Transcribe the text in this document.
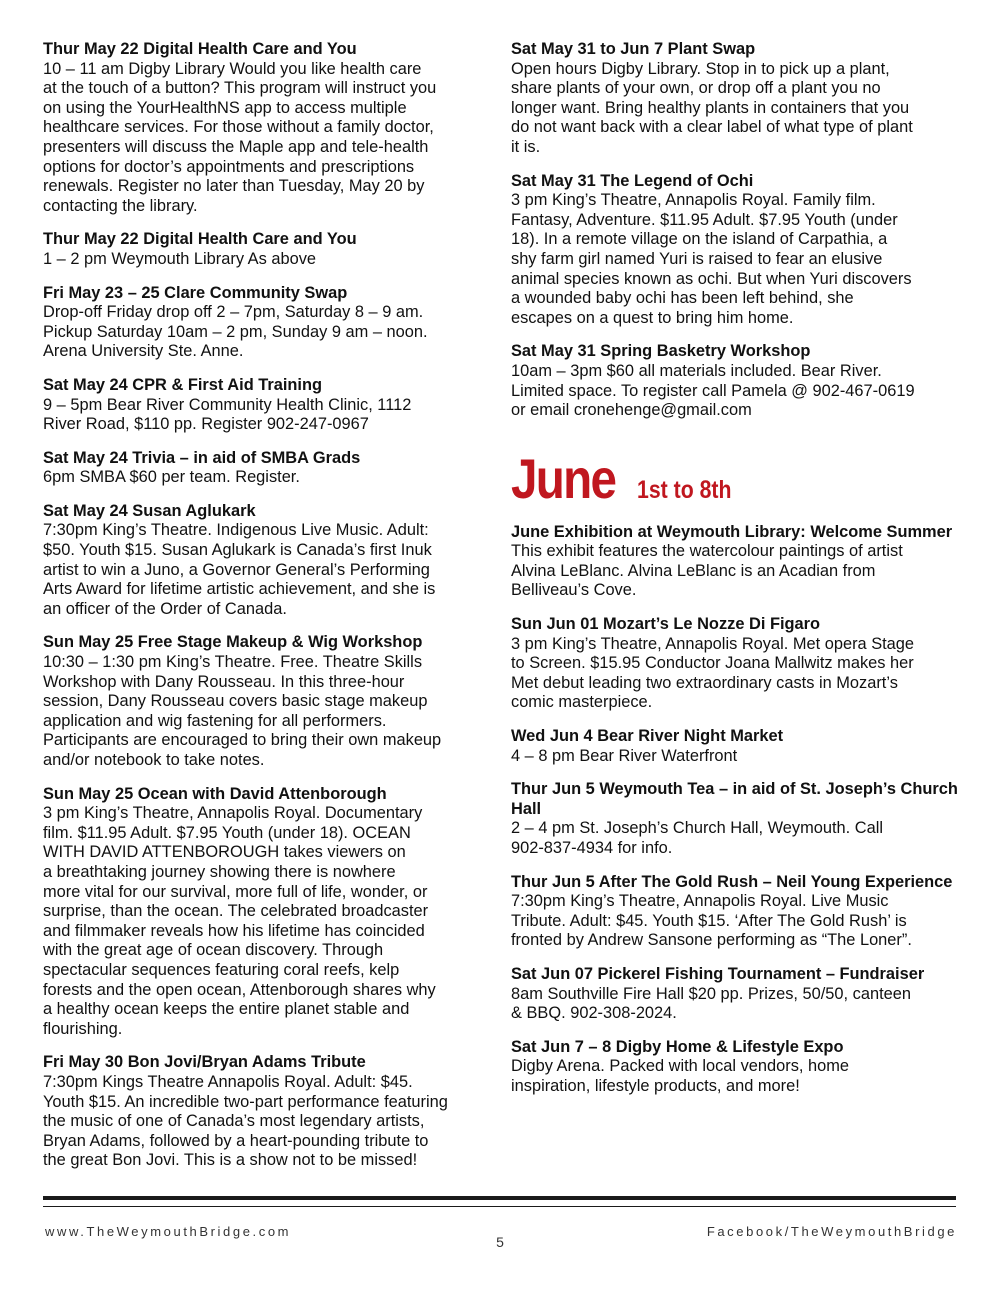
Thur May 22 Digital Health Care and You

10 – 11 am Digby Library Would you like health care
at the touch of a button? This program will instruct you
on using the YourHealthNS app to access multiple
healthcare services. For those without a family doctor,
presenters will discuss the Maple app and tele-health
options for doctor’s appointments and prescriptions
renewals. Register no later than Tuesday, May 20 by
contacting the library.

Thur May 22 Digital Health Care and You

1 – 2 pm Weymouth Library As above

Fri May 23 – 25 Clare Community Swap

Drop-off Friday drop off 2 – 7pm, Saturday 8 – 9 am.
Pickup Saturday 10am – 2 pm, Sunday 9 am – noon.
Arena University Ste. Anne.

Sat May 24 CPR & First Aid Training

9 – 5pm Bear River Community Health Clinic, 1112
River Road, $110 pp. Register 902-247-0967

Sat May 24 Trivia – in aid of SMBA Grads

6pm SMBA $60 per team. Register.

Sat May 24 Susan Aglukark

7:30pm King’s Theatre. Indigenous Live Music. Adult:
$50. Youth $15. Susan Aglukark is Canada’s first Inuk
artist to win a Juno, a Governor General’s Performing
Arts Award for lifetime artistic achievement, and she is
an officer of the Order of Canada.

Sun May 25 Free Stage Makeup & Wig Workshop

10:30 – 1:30 pm King’s Theatre. Free. Theatre Skills
Workshop with Dany Rousseau. In this three-hour
session, Dany Rousseau covers basic stage makeup
application and wig fastening for all performers.
Participants are encouraged to bring their own makeup
and/or notebook to take notes.

Sun May 25 Ocean with David Attenborough

3 pm King’s Theatre, Annapolis Royal. Documentary
film. $11.95 Adult. $7.95 Youth (under 18). OCEAN
WITH DAVID ATTENBOROUGH takes viewers on
a breathtaking journey showing there is nowhere
more vital for our survival, more full of life, wonder, or
surprise, than the ocean. The celebrated broadcaster
and filmmaker reveals how his lifetime has coincided
with the great age of ocean discovery. Through
spectacular sequences featuring coral reefs, kelp
forests and the open ocean, Attenborough shares why
a healthy ocean keeps the entire planet stable and
flourishing.

Fri May 30 Bon Jovi/Bryan Adams Tribute

7:30pm Kings Theatre Annapolis Royal. Adult: $45.
Youth $15. An incredible two-part performance featuring
the music of one of Canada’s most legendary artists,
Bryan Adams, followed by a heart-pounding tribute to
the great Bon Jovi. This is a show not to be missed!

Sat May 31 to Jun 7 Plant Swap

Open hours Digby Library. Stop in to pick up a plant,
share plants of your own, or drop off a plant you no
longer want. Bring healthy plants in containers that you
do not want back with a clear label of what type of plant
it is.

Sat May 31 The Legend of Ochi

3 pm King’s Theatre, Annapolis Royal. Family film.
Fantasy, Adventure. $11.95 Adult. $7.95 Youth (under
18). In a remote village on the island of Carpathia, a
shy farm girl named Yuri is raised to fear an elusive
animal species known as ochi. But when Yuri discovers
a wounded baby ochi has been left behind, she
escapes on a quest to bring him home.

Sat May 31 Spring Basketry Workshop

10am – 3pm $60 all materials included. Bear River.
Limited space. To register call Pamela @ 902-467-0619
or email cronehenge@gmail.com
June 1st to 8th

June Exhibition at Weymouth Library: Welcome Summer

This exhibit features the watercolour paintings of artist
Alvina LeBlanc. Alvina LeBlanc is an Acadian from
Belliveau’s Cove.

Sun Jun 01 Mozart’s Le Nozze Di Figaro

3 pm King’s Theatre, Annapolis Royal. Met opera Stage
to Screen. $15.95 Conductor Joana Mallwitz makes her
Met debut leading two extraordinary casts in Mozart’s
comic masterpiece.

Wed Jun 4 Bear River Night Market

4 – 8 pm Bear River Waterfront

Thur Jun 5 Weymouth Tea – in aid of St. Joseph’s Church Hall

2 – 4 pm St. Joseph’s Church Hall, Weymouth. Call
902-837-4934 for info.

Thur Jun 5 After The Gold Rush – Neil Young Experience

7:30pm King’s Theatre, Annapolis Royal. Live Music
Tribute. Adult: $45. Youth $15. ‘After The Gold Rush’ is
fronted by Andrew Sansone performing as “The Loner”.

Sat Jun 07 Pickerel Fishing Tournament – Fundraiser

8am Southville Fire Hall $20 pp. Prizes, 50/50, canteen
& BBQ. 902-308-2024.

Sat Jun 7 – 8 Digby Home & Lifestyle Expo

Digby Arena. Packed with local vendors, home
inspiration, lifestyle products, and more!
www.TheWeymouthBridge.com
5
Facebook/TheWeymouthBridge
